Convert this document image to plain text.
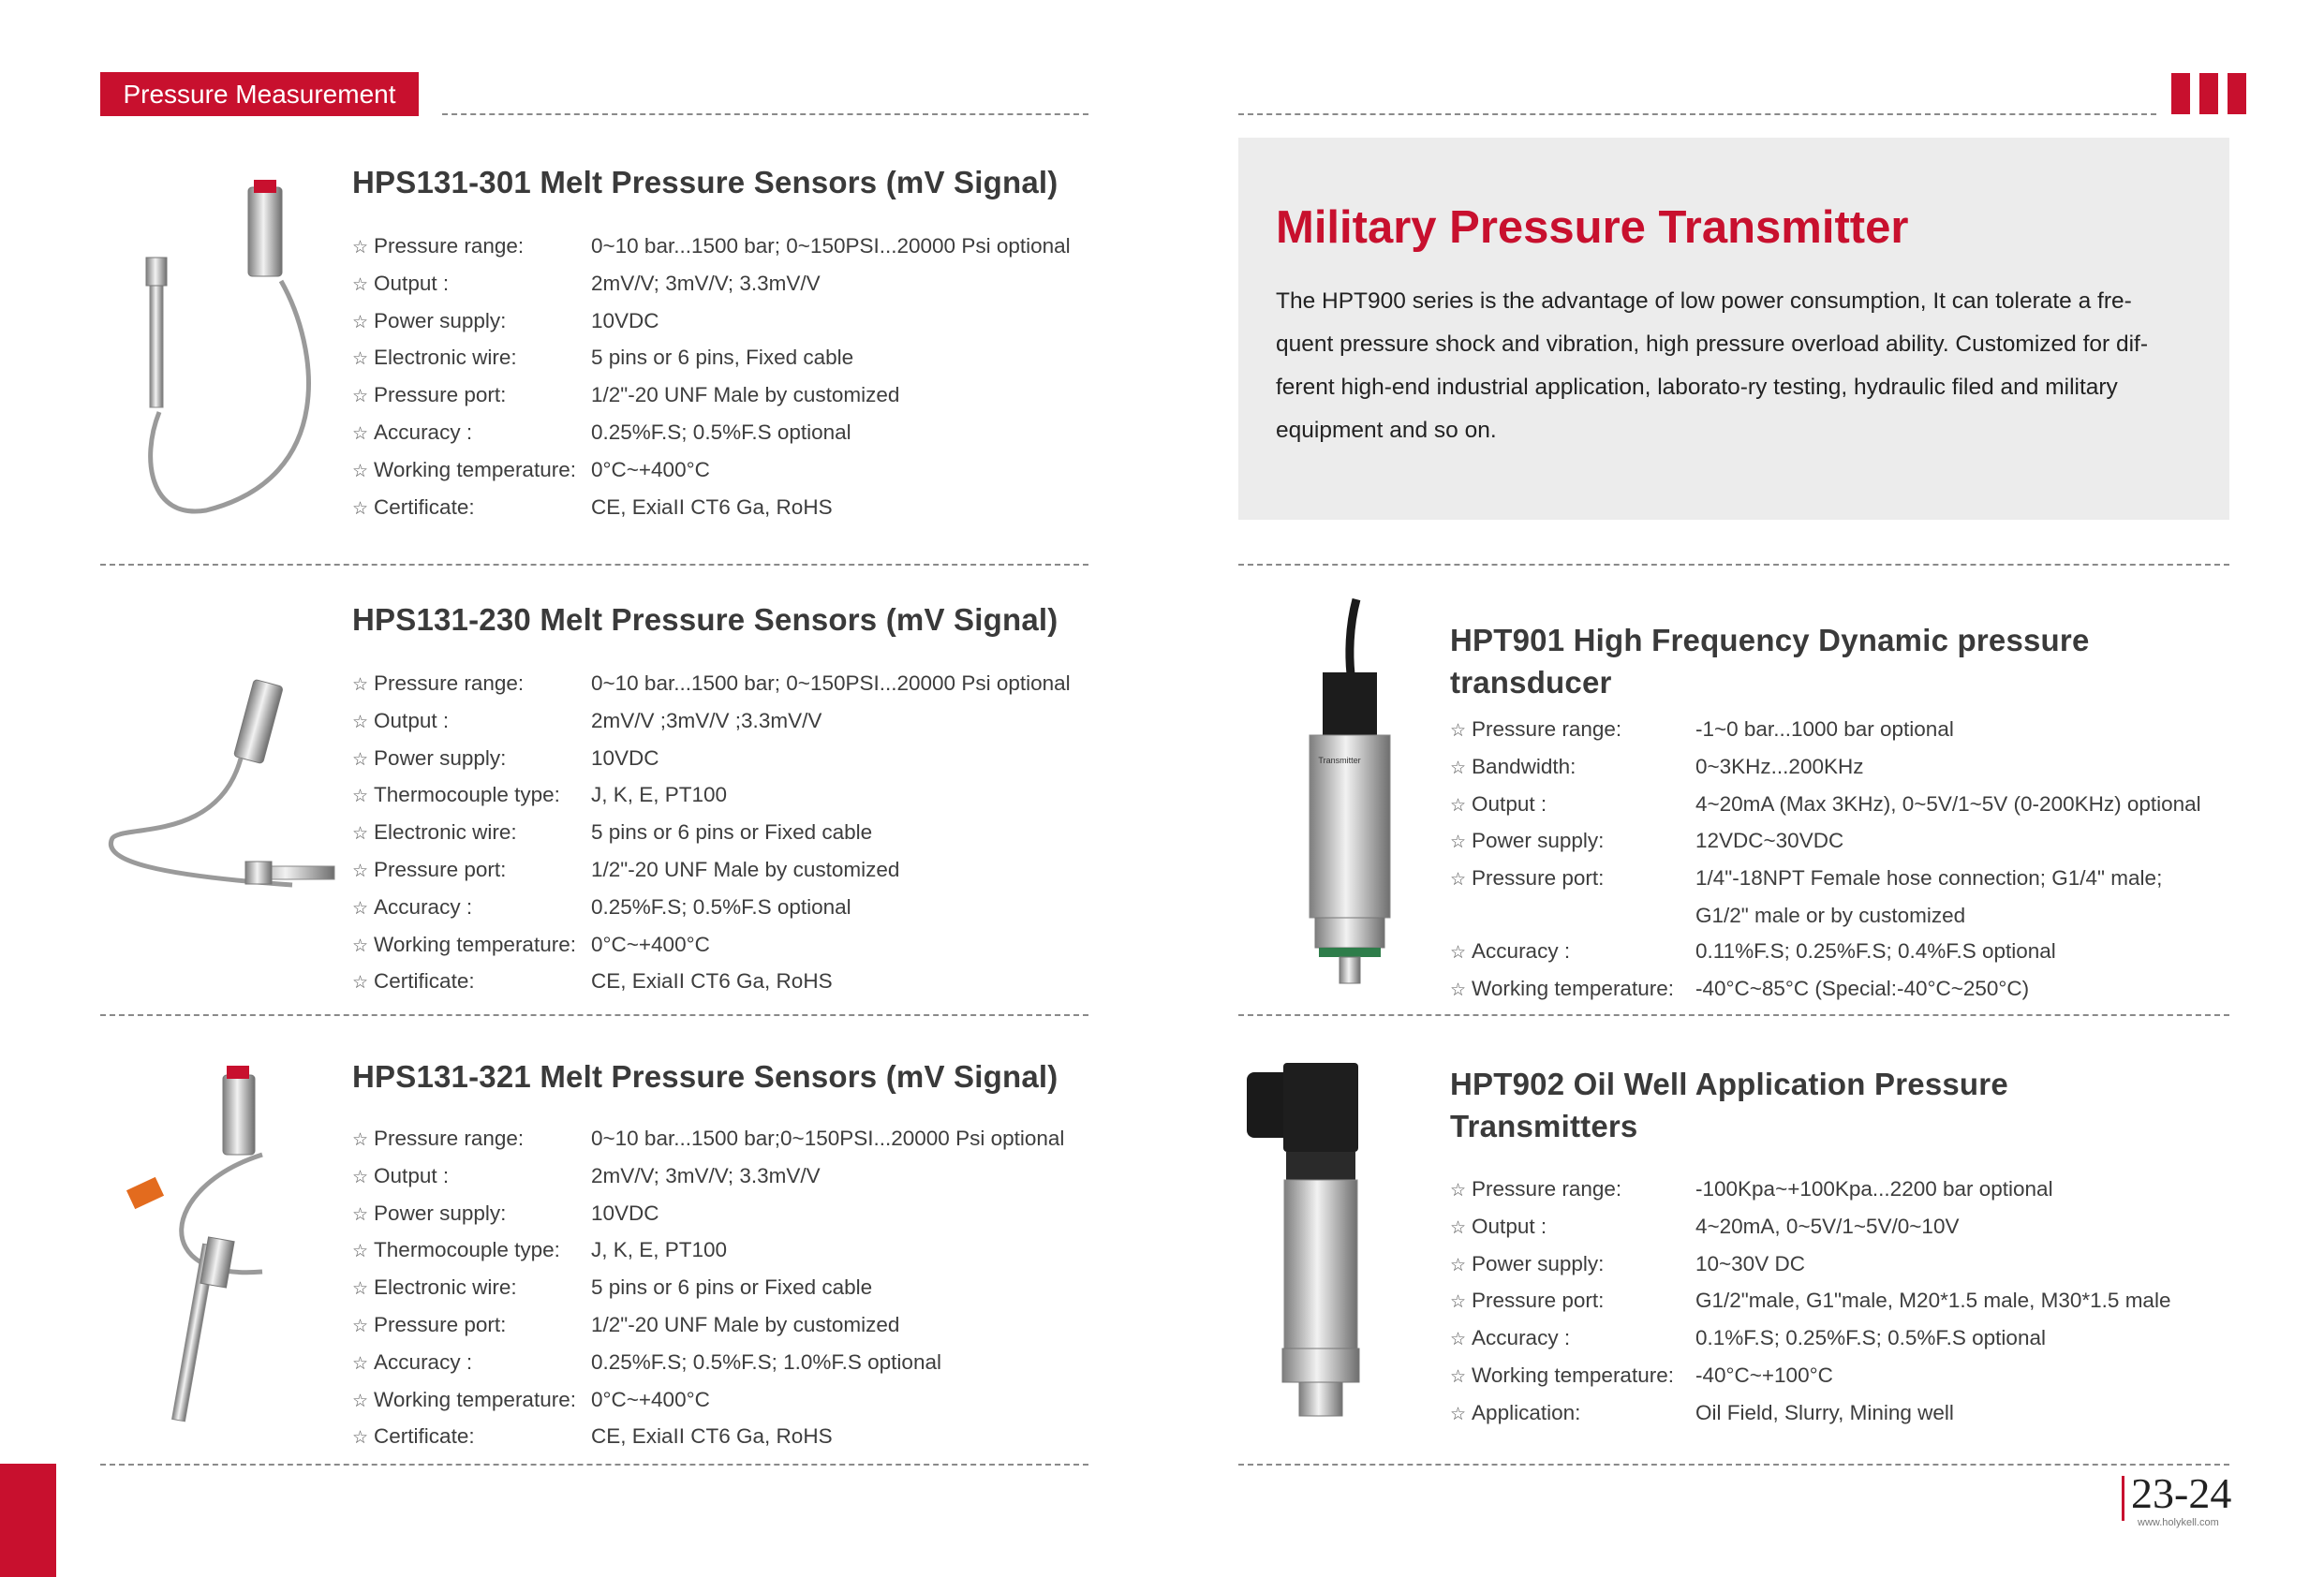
Pressure Measurement
HPS131-301 Melt Pressure Sensors (mV Signal)
☆ Pressure range:	0~10 bar...1500 bar; 0~150PSI...20000 Psi optional
☆ Output :	2mV/V; 3mV/V; 3.3mV/V
☆ Power supply:	10VDC
☆ Electronic wire:	5 pins or 6 pins, Fixed cable
☆ Pressure port:	1/2"-20 UNF Male by customized
☆ Accuracy :	0.25%F.S; 0.5%F.S optional
☆ Working temperature: 0°C~+400°C
☆ Certificate:	CE, ExiaII CT6 Ga, RoHS
HPS131-230 Melt Pressure Sensors (mV Signal)
☆ Pressure range:	0~10 bar...1500 bar; 0~150PSI...20000 Psi optional
☆ Output :	2mV/V ;3mV/V ;3.3mV/V
☆ Power supply:	10VDC
☆ Thermocouple type:	J, K, E, PT100
☆ Electronic wire:	5 pins or 6 pins or Fixed cable
☆ Pressure port:	1/2"-20 UNF Male by customized
☆ Accuracy :	0.25%F.S; 0.5%F.S optional
☆ Working temperature: 0°C~+400°C
☆ Certificate:	CE, ExiaII CT6 Ga, RoHS
HPS131-321 Melt Pressure Sensors (mV Signal)
☆ Pressure range:	0~10 bar...1500 bar;0~150PSI...20000 Psi optional
☆ Output :	2mV/V; 3mV/V; 3.3mV/V
☆ Power supply:	10VDC
☆ Thermocouple type:	J, K, E, PT100
☆ Electronic wire:	5 pins or 6 pins or Fixed cable
☆ Pressure port:	1/2"-20 UNF Male by customized
☆ Accuracy :	0.25%F.S; 0.5%F.S; 1.0%F.S optional
☆ Working temperature: 0°C~+400°C
☆ Certificate:	CE, ExiaII CT6 Ga, RoHS
Military Pressure Transmitter
The HPT900 series is the advantage of low power consumption, It can tolerate a fre-
quent pressure shock and vibration, high pressure overload ability. Customized for dif-
ferent high-end industrial application, laborato-ry testing, hydraulic filed and military
equipment and so on.
Transmitter
HPT901 High Frequency Dynamic pressure
transducer
☆ Pressure range:	-1~0 bar...1000 bar optional
☆ Bandwidth:	0~3KHz...200KHz
☆ Output :	4~20mA (Max 3KHz), 0~5V/1~5V (0-200KHz) optional
☆ Power supply:	12VDC~30VDC
☆ Pressure port:	1/4"-18NPT Female hose connection; G1/4" male;
G1/2" male or by customized
☆ Accuracy :	0.11%F.S; 0.25%F.S; 0.4%F.S optional
☆ Working temperature:	-40°C~85°C (Special:-40°C~250°C)
HPT902 Oil Well Application Pressure
Transmitters
☆ Pressure range:	-100Kpa~+100Kpa...2200 bar optional
☆ Output :	4~20mA, 0~5V/1~5V/0~10V
☆ Power supply:	10~30V DC
☆ Pressure port:	G1/2"male, G1"male, M20*1.5 male, M30*1.5 male
☆ Accuracy :	0.1%F.S; 0.25%F.S; 0.5%F.S optional
☆ Working temperature:	-40°C~+100°C
☆ Application:	Oil Field, Slurry, Mining well
23-24
www.holykell.com
